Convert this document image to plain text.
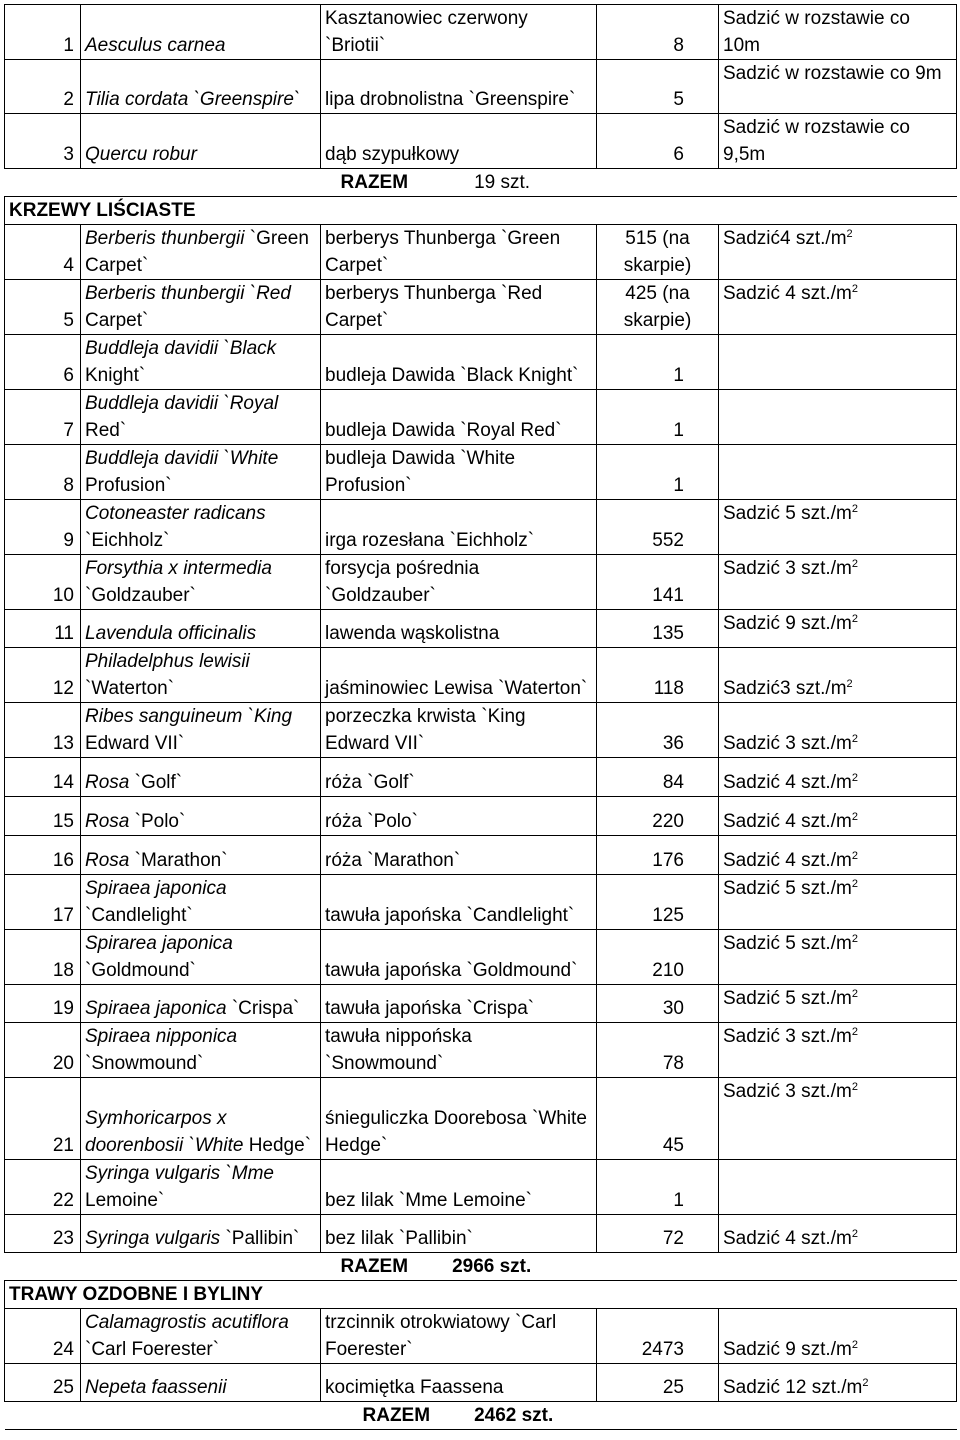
1	Aesculus carnea	Kasztanowiec czerwony `Briotii`	8	Sadzić w rozstawie co 10m
2	Tilia cordata `Greenspire`	lipa drobnolistna `Greenspire`	5	Sadzić w rozstawie co 9m
3	Quercu robur	dąb szypułkowy	6	Sadzić w rozstawie co 9,5m

		RAZEM 19 szt.		

KRZEWY LIŚCIASTE				
4	Berberis thunbergii `Green Carpet`	berberys Thunberga `Green Carpet`	515 (na skarpie)	Sadzić4 $szt./m^2$
5	Berberis thunbergii `Red Carpet`	berberys Thunberga `Red Carpet`	425 (na skarpie)	Sadzić 4 $szt./m^2$
6	Buddleja davidii `Black Knight`	budleja Dawida `Black Knight`	1	
7	Buddleja davidii `Royal Red`	budleja Dawida `Royal Red`	1	
8	Buddleja davidii `White Profusion`	budleja Dawida `White Profusion`	1	
9	Cotoneaster radicans `Eichholz`	irga rozesłana `Eichholz`	552	Sadzić 5 $szt./m^2$
10	Forsythia x intermedia `Goldzauber`	forsycja pośrednia `Goldzauber`	141	Sadzić 3 $szt./m^2$
11	Lavendula officinalis	lawenda wąskolistna	135	Sadzić 9 $szt./m^2$
12	Philadelphus lewisii `Waterton`	jaśminowiec Lewisa `Waterton`	118	Sadzić3 $szt./m^2$
13	Ribes sanguineum `King Edward VII`	porzeczka krwista `King Edward VII`	36	Sadzić 3 $szt./m^2$
14	Rosa `Golf`	róża `Golf`	84	Sadzić 4 $szt./m^2$
15	Rosa `Polo`	róża `Polo`	220	Sadzić 4 $szt./m^2$
16	Rosa `Marathon`	róża `Marathon`	176	Sadzić 4 $szt./m^2$
17	Spiraea japonica `Candlelight`	tawuła japońska `Candlelight`	125	Sadzić 5 $szt./m^2$
18	Spirarea japonica `Goldmound`	tawuła japońska `Goldmound`	210	Sadzić 5 $szt./m^2$
19	Spiraea japonica `Crispa`	tawuła japońska `Crispa`	30	Sadzić 5 $szt./m^2$
20	Spiraea nipponica `Snowmound`	tawuła nippońska `Snowmound`	78	Sadzić 3 $szt./m^2$
21	Symhoricarpos x doorenbosii `White Hedge`	śnieguliczka Doorebosa `White Hedge`	45	Sadzić 3 $szt./m^2$
22	Syringa vulgaris `Mme Lemoine`	bez lilak `Mme Lemoine`	1	
23	Syringa vulgaris `Pallibin`	bez lilak `Pallibin`	72	Sadzić 4 $szt./m^2$

		RAZEM 2966 szt.		

TRAWY OZDOBNE I BYLINY				
24	Calamagrostis acutiflora `Carl Foerester`	trzcinnik otrokwiatowy `Carl Foerester`	2473	Sadzić 9 $szt./m^2$
25	Nepeta faassenii	kocimiętka Faassena	25	Sadzić 12 $szt./m^2$

		RAZEM 2462 szt.		
